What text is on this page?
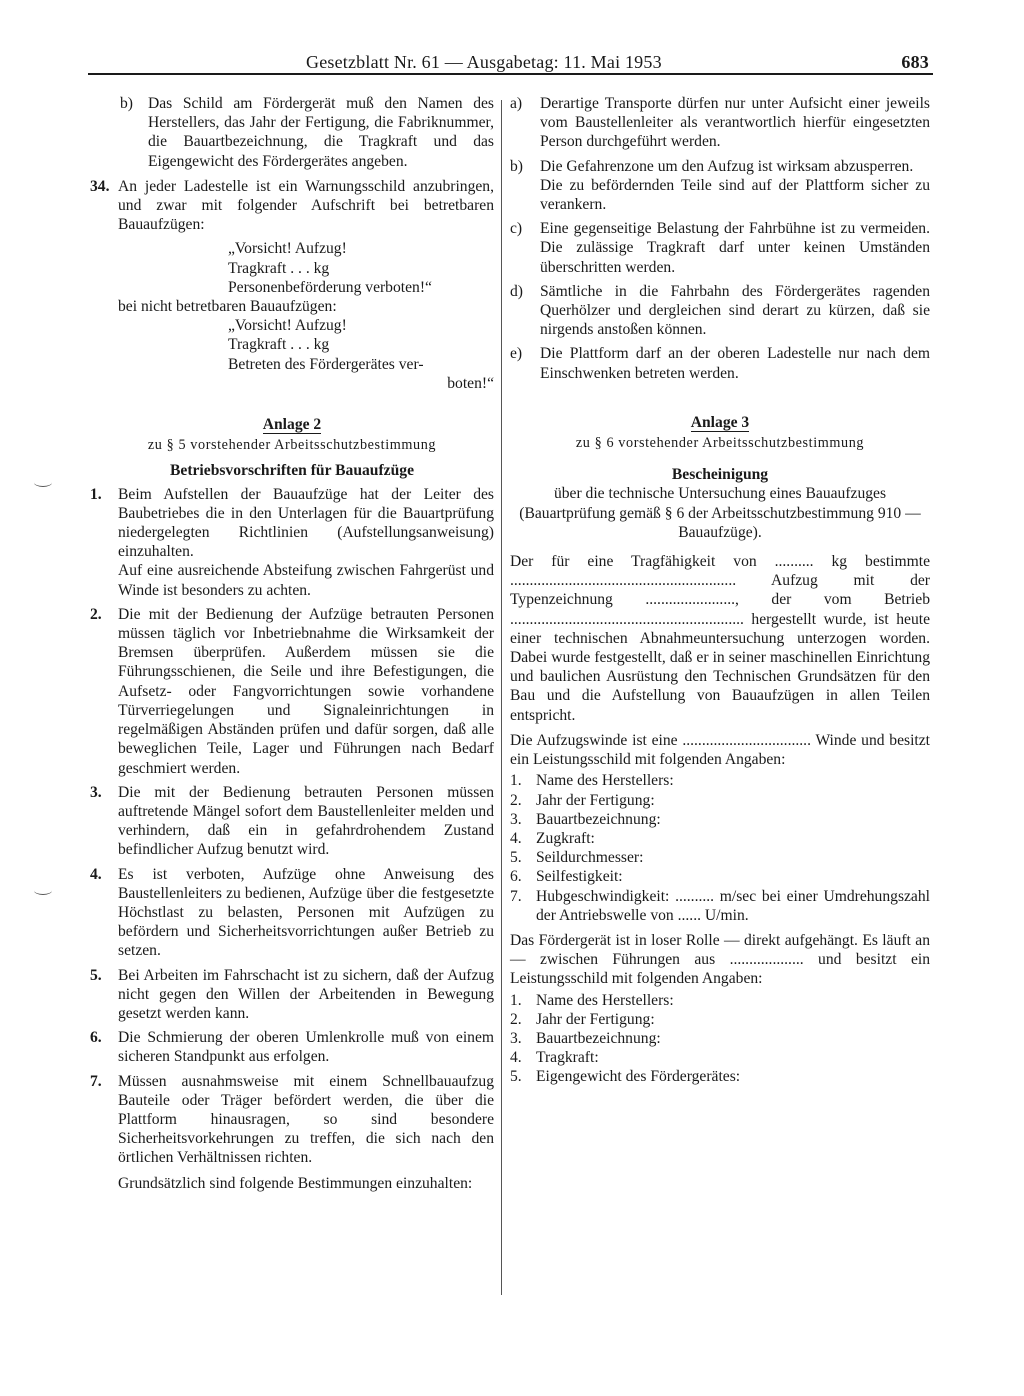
Gesetzblatt Nr. 61 — Ausgabetag: 11. Mai 1953	683
b) Das Schild am Fördergerät muß den Namen des Herstellers, das Jahr der Fertigung, die Fabriknummer, die Bauartbezeichnung, die Tragkraft und das Eigengewicht des Fördergerätes angeben.
34. An jeder Ladestelle ist ein Warnungsschild anzubringen, und zwar mit folgender Aufschrift bei betretbaren Bauaufzügen:
„Vorsicht! Aufzug!
Tragkraft . . . kg
Personenbeförderung verboten!“
bei nicht betretbaren Bauaufzügen:
„Vorsicht! Aufzug!
Tragkraft . . . kg
Betreten des Fördergerätes ver-
boten!“
Anlage 2
zu § 5 vorstehender Arbeitsschutzbestimmung
Betriebsvorschriften für Bauaufzüge
1. Beim Aufstellen der Bauaufzüge hat der Leiter des Baubetriebes die in den Unterlagen für die Bauartprüfung niedergelegten Richtlinien (Aufstellungsanweisung) einzuhalten.
Auf eine ausreichende Absteifung zwischen Fahrgerüst und Winde ist besonders zu achten.
2. Die mit der Bedienung der Aufzüge betrauten Personen müssen täglich vor Inbetriebnahme die Wirksamkeit der Bremsen überprüfen. Außerdem müssen sie die Führungsschienen, die Seile und ihre Befestigungen, die Aufsetz- oder Fangvorrichtungen sowie vorhandene Türverriegelungen und Signaleinrichtungen in regelmäßigen Abständen prüfen und dafür sorgen, daß alle beweglichen Teile, Lager und Führungen nach Bedarf geschmiert werden.
3. Die mit der Bedienung betrauten Personen müssen auftretende Mängel sofort dem Baustellenleiter melden und verhindern, daß ein in gefahrdrohendem Zustand befindlicher Aufzug benutzt wird.
4. Es ist verboten, Aufzüge ohne Anweisung des Baustellenleiters zu bedienen, Aufzüge über die festgesetzte Höchstlast zu belasten, Personen mit Aufzügen zu befördern und Sicherheitsvorrichtungen außer Betrieb zu setzen.
5. Bei Arbeiten im Fahrschacht ist zu sichern, daß der Aufzug nicht gegen den Willen der Arbeitenden in Bewegung gesetzt werden kann.
6. Die Schmierung der oberen Umlenkrolle muß von einem sicheren Standpunkt aus erfolgen.
7. Müssen ausnahmsweise mit einem Schnellbauaufzug Bauteile oder Träger befördert werden, die über die Plattform hinausragen, so sind besondere Sicherheitsvorkehrungen zu treffen, die sich nach den örtlichen Verhältnissen richten.
Grundsätzlich sind folgende Bestimmungen einzuhalten:
a) Derartige Transporte dürfen nur unter Aufsicht einer jeweils vom Baustellenleiter als verantwortlich hierfür eingesetzten Person durchgeführt werden.
b) Die Gefahrenzone um den Aufzug ist wirksam abzusperren.
Die zu befördernden Teile sind auf der Plattform sicher zu verankern.
c) Eine gegenseitige Belastung der Fahrbühne ist zu vermeiden. Die zulässige Tragkraft darf unter keinen Umständen überschritten werden.
d) Sämtliche in die Fahrbahn des Fördergerätes ragenden Querhölzer und dergleichen sind derart zu kürzen, daß sie nirgends anstoßen können.
e) Die Plattform darf an der oberen Ladestelle nur nach dem Einschwenken betreten werden.
Anlage 3
zu § 6 vorstehender Arbeitsschutzbestimmung
Bescheinigung
über die technische Untersuchung eines Bauaufzuges (Bauartprüfung gemäß § 6 der Arbeitsschutzbestimmung 910 — Bauaufzüge).
Der für eine Tragfähigkeit von .......... kg bestimmte .......................................................... Aufzug mit der Typenzeichnung ......................., der vom Betrieb ............................................................ hergestellt wurde, ist heute einer technischen Abnahmeuntersuchung unterzogen worden. Dabei wurde festgestellt, daß er in seiner maschinellen Einrichtung und baulichen Ausrüstung den Technischen Grundsätzen für den Bau und die Aufstellung von Bauaufzügen in allen Teilen entspricht.
Die Aufzugswinde ist eine ................................. Winde und besitzt ein Leistungsschild mit folgenden Angaben:
1. Name des Herstellers:
2. Jahr der Fertigung:
3. Bauartbezeichnung:
4. Zugkraft:
5. Seildurchmesser:
6. Seilfestigkeit:
7. Hubgeschwindigkeit: .......... m/sec bei einer Umdrehungszahl der Antriebswelle von ...... U/min.
Das Fördergerät ist in loser Rolle — direkt aufgehängt. Es läuft an — zwischen Führungen aus ................... und besitzt ein Leistungsschild mit folgenden Angaben:
1. Name des Herstellers:
2. Jahr der Fertigung:
3. Bauartbezeichnung:
4. Tragkraft:
5. Eigengewicht des Fördergerätes:
